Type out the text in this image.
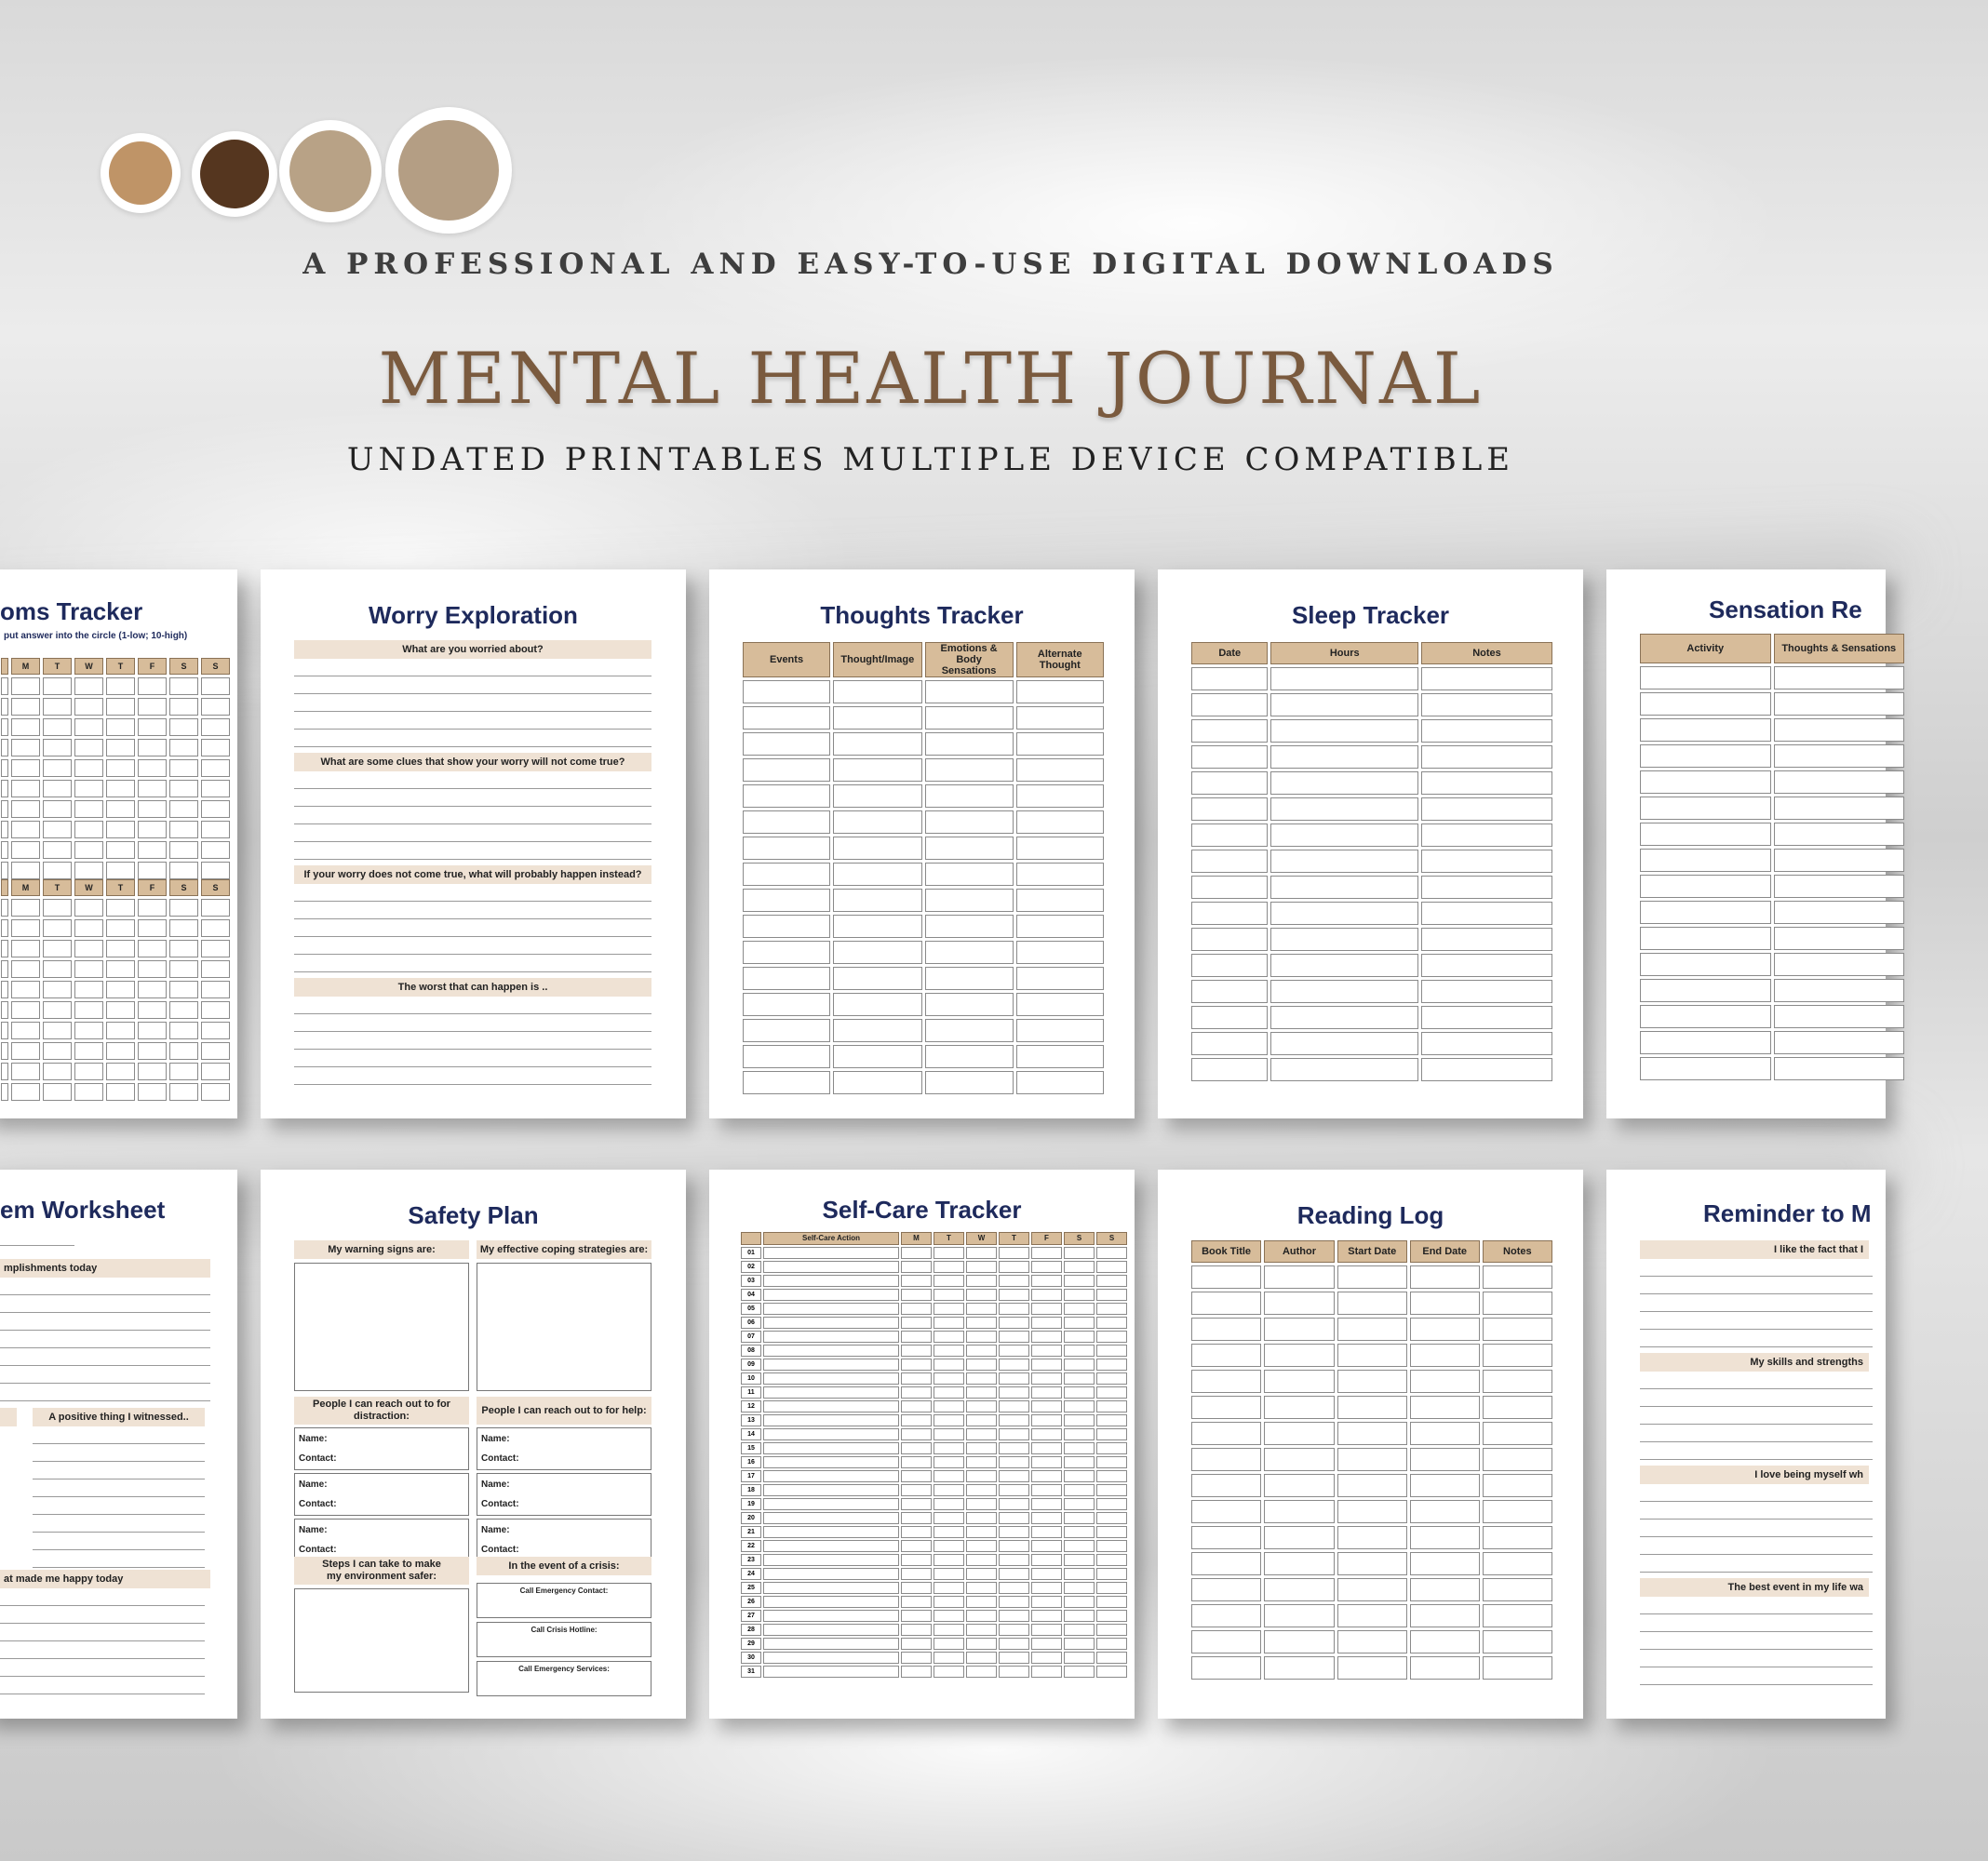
A PROFESSIONAL AND EASY-TO-USE DIGITAL DOWNLOADS
MENTAL HEALTH JOURNAL
UNDATED PRINTABLES MULTIPLE DEVICE COMPATIBLE
oms Tracker
put answer into the circle (1-low; 10-high)
	M	T	W	T	F	S	S

	M	T	W	T	F	S	S

Worry Exploration
What are you worried about?
What are some clues that show your worry will not come true?
If your worry does not come true, what will probably happen instead?
The worst that can happen is ..
Thoughts Tracker
Events	Thought/Image	Emotions & Body Sensations	Alternate Thought

Sleep Tracker
Date	Hours	Notes

Sensation Re
Activity	Thoughts & Sensations

em Worksheet
mplishments today
A positive thing I witnessed..
at made me happy today
Safety Plan
My warning signs are:	My effective coping strategies are:
People I can reach out to for distraction:	People I can reach out to for help:
Name:
Contact:
Name:
Contact:
Name:
Contact:
Name:
Contact:
Name:
Contact:
Name:
Contact:
Steps I can take to make my environment safer:
In the event of a crisis:
Call Emergency Contact:
Call Crisis Hotline:
Call Emergency Services:
Self-Care Tracker
	Self-Care Action	M	T	W	T	F	S	S
01								
02								
03								
04								
05								
06								
07								
08								
09								
10								
11								
12								
13								
14								
15								
16								
17								
18								
19								
20								
21								
22								
23								
24								
25								
26								
27								
28								
29								
30								
31								
Reading Log
Book Title	Author	Start Date	End Date	Notes

Reminder to M
I like the fact that I
My skills and strengths
I love being myself wh
The best event in my life wa
